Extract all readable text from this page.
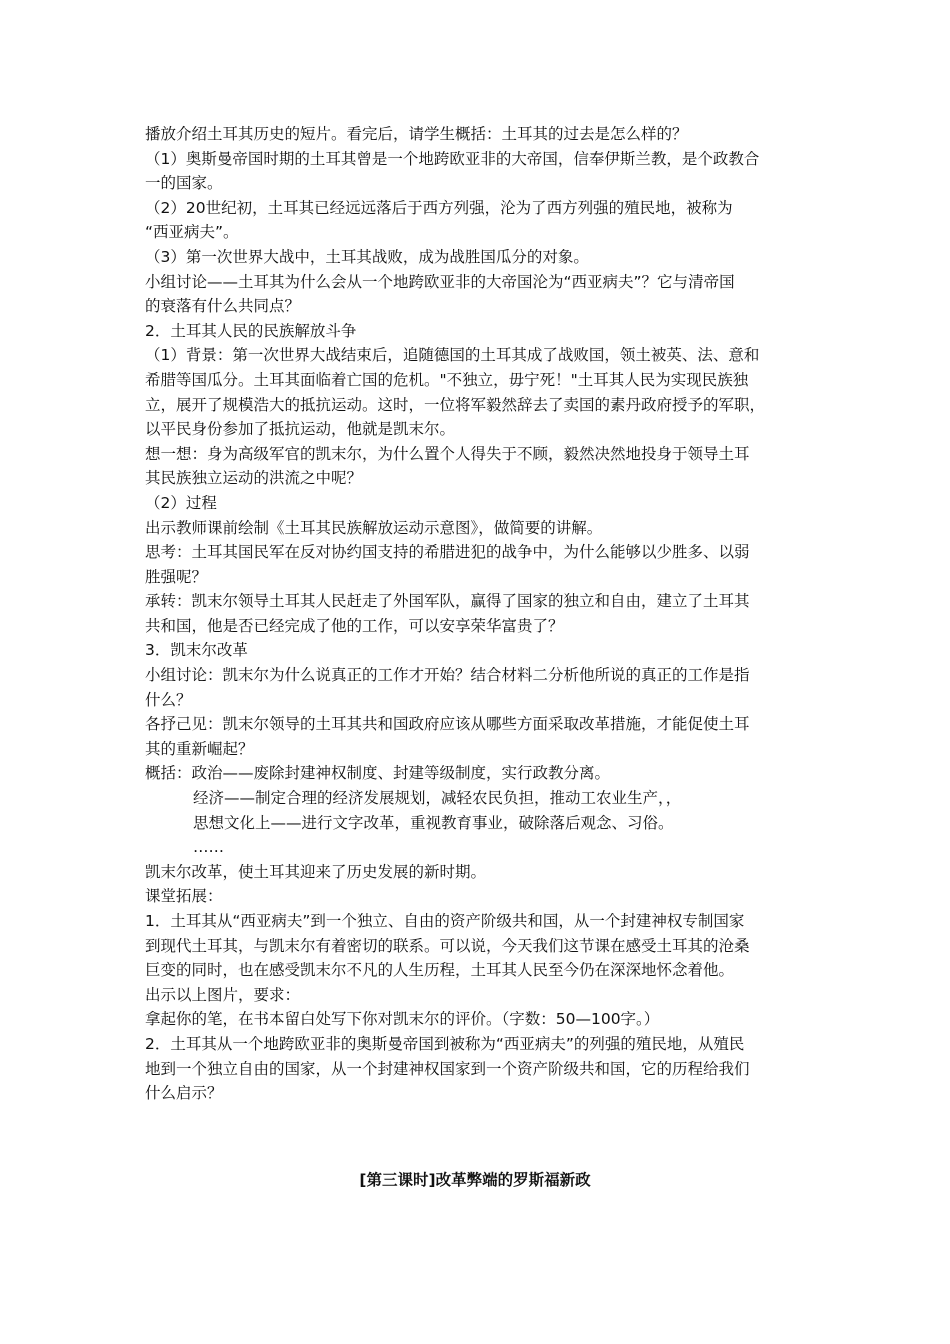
播放介绍土耳其历史的短片。看完后，请学生概括：土耳其的过去是怎么样的？
（1）奥斯曼帝国时期的土耳其曾是一个地跨欧亚非的大帝国，信奉伊斯兰教，是个政教合
一的国家。
（2）20世纪初，土耳其已经远远落后于西方列强，沦为了西方列强的殖民地，被称为
“西亚病夫”。
（3）第一次世界大战中，土耳其战败，成为战胜国瓜分的对象。
小组讨论——土耳其为什么会从一个地跨欧亚非的大帝国沦为“西亚病夫”？它与清帝国
的衰落有什么共同点？
2．土耳其人民的民族解放斗争
（1）背景：第一次世界大战结束后，追随德国的土耳其成了战败国，领土被英、法、意和
希腊等国瓜分。土耳其面临着亡国的危机。"不独立，毋宁死！"土耳其人民为实现民族独
立，展开了规模浩大的抵抗运动。这时，一位将军毅然辞去了卖国的素丹政府授予的军职，
以平民身份参加了抵抗运动，他就是凯末尔。
想一想：身为高级军官的凯末尔，为什么置个人得失于不顾，毅然决然地投身于领导土耳
其民族独立运动的洪流之中呢？
（2）过程
出示教师课前绘制《土耳其民族解放运动示意图》，做简要的讲解。
思考：土耳其国民军在反对协约国支持的希腊进犯的战争中，为什么能够以少胜多、以弱
胜强呢？
承转：凯末尔领导土耳其人民赶走了外国军队，赢得了国家的独立和自由，建立了土耳其
共和国，他是否已经完成了他的工作，可以安享荣华富贵了？
3．凯末尔改革
小组讨论：凯末尔为什么说真正的工作才开始？结合材料二分析他所说的真正的工作是指
什么？
各抒己见：凯末尔领导的土耳其共和国政府应该从哪些方面采取改革措施，才能促使土耳
其的重新崛起？
概括：政治——废除封建神权制度、封建等级制度，实行政教分离。
经济——制定合理的经济发展规划，减轻农民负担，推动工农业生产，，
思想文化上——进行文字改革，重视教育事业，破除落后观念、习俗。
……
凯末尔改革，使土耳其迎来了历史发展的新时期。
课堂拓展：
1．土耳其从“西亚病夫”到一个独立、自由的资产阶级共和国，从一个封建神权专制国家
到现代土耳其，与凯末尔有着密切的联系。可以说，今天我们这节课在感受土耳其的沧桑
巨变的同时，也在感受凯末尔不凡的人生历程，土耳其人民至今仍在深深地怀念着他。
出示以上图片，要求：
拿起你的笔，在书本留白处写下你对凯末尔的评价。（字数：50—100字。）
2．土耳其从一个地跨欧亚非的奥斯曼帝国到被称为“西亚病夫”的列强的殖民地，从殖民
地到一个独立自由的国家，从一个封建神权国家到一个资产阶级共和国，它的历程给我们
什么启示？
[第三课时]改革弊端的罗斯福新政
